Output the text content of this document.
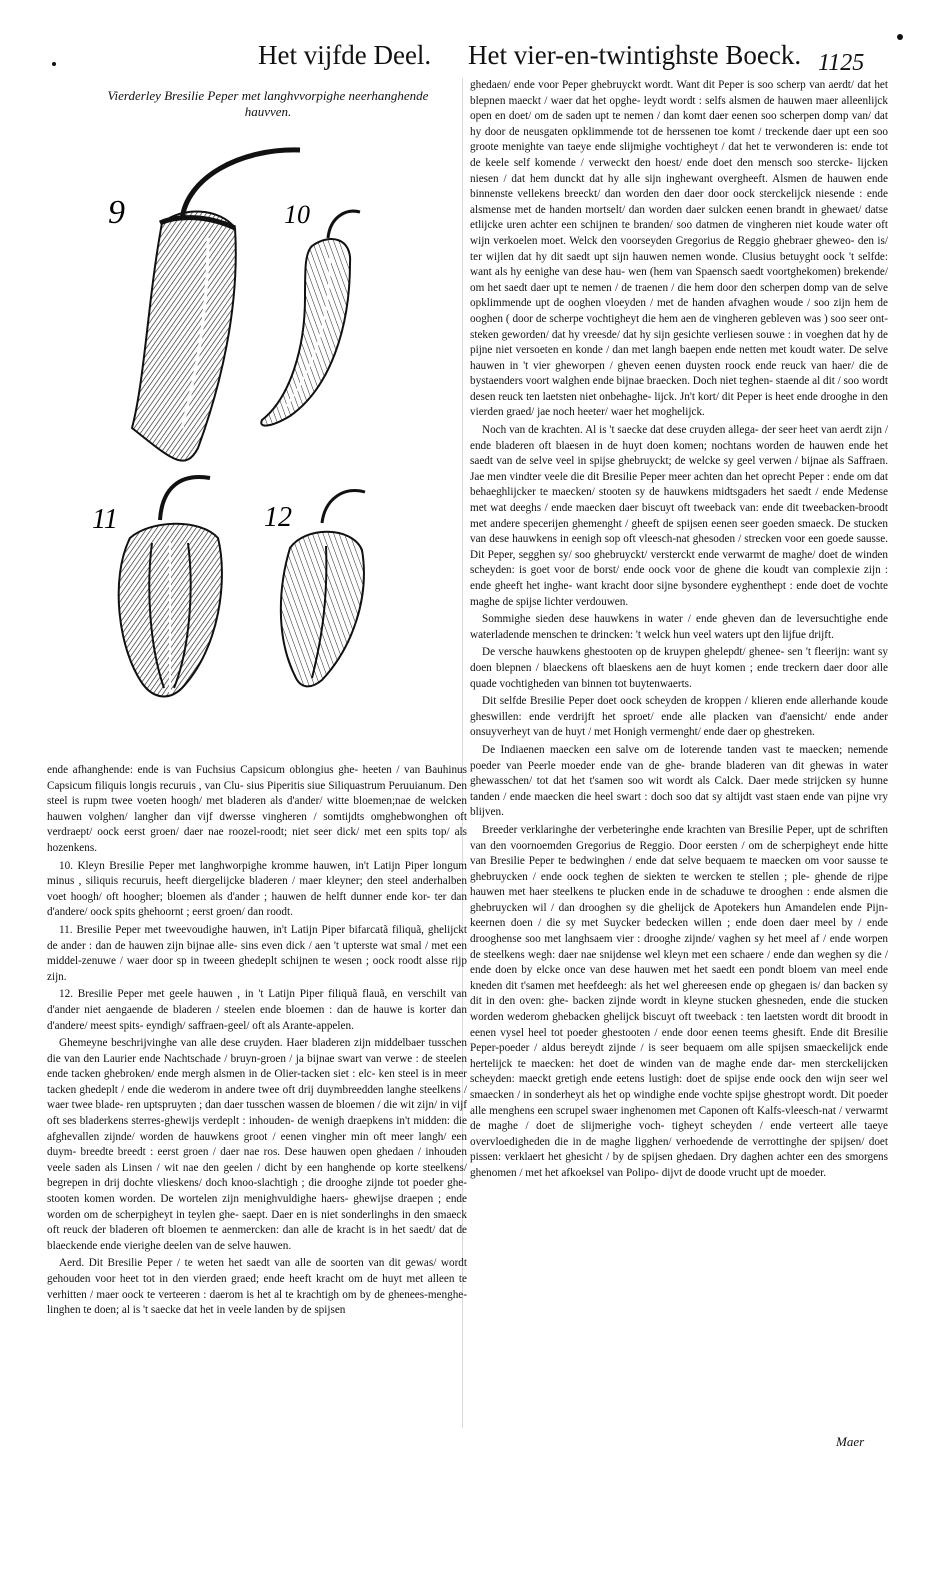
Het vijfde Deel. Het vier-en-twintighste Boeck. 1125
Vierderley Bresilie Peper met langhvvorpighe neerhanghende hauvven.
9	10
11	12

ende afhanghende: ende is van Fuchsius Capsicum oblongius ghe- heeten / van Bauhinus Capsicum filiquis longis recuruis , van Clu- sius Piperitis siue Siliquastrum Peruuianum. Den steel is rupm twee voeten hoogh/ met bladeren als d'ander/ witte bloemen;nae de welcken hauwen volghen/ langher dan vijf dwersse vingheren / somtijdts omghebwonghen oft verdraept/ oock eerst groen/ daer nae roozel-roodt; niet seer dick/ met een spits top/ als hozenkens.

10. Kleyn Bresilie Peper met langhworpighe kromme hauwen, in't Latijn Piper longum minus , siliquis recuruis, heeft diergelijcke bladeren / maer kleyner; den steel anderhalben voet hoogh/ oft hoogher; bloemen als d'ander ; hauwen de helft dunner ende kor- ter dan d'andere/ oock spits ghehoornt ; eerst groen/ dan roodt.

11. Bresilie Peper met tweevoudighe hauwen, in't Latijn Piper bifarcatã filiquã, ghelijckt de ander : dan de hauwen zijn bijnae alle- sins even dick / aen 't upterste wat smal / met een middel-zenuwe / waer door sp in tweeen ghedeplt schijnen te wesen ; oock roodt alsse rijp zijn.

12. Bresilie Peper met geele hauwen , in 't Latijn Piper filiquã flauã, en verschilt van d'ander niet aengaende de bladeren / steelen ende bloemen : dan de hauwe is korter dan d'andere/ meest spits- eyndigh/ saffraen-geel/ oft als Arante-appelen.

Ghemeyne beschrijvinghe van alle dese cruyden. Haer bladeren zijn middelbaer tusschen die van den Laurier ende Nachtschade / bruyn-groen / ja bijnae swart van verwe : de steelen ende tacken ghebroken/ ende mergh alsmen in de Olier-tacken siet : elc- ken steel is in meer tacken ghedeplt / ende die wederom in andere twee oft drij duymbreedden langhe steelkens / waer twee blade- ren uptspruyten ; dan daer tusschen wassen de bloemen / die wit zijn/ in vijf oft ses bladerkens sterres-ghewijs verdeplt : inhouden- de wenigh draepkens in't midden: die afghevallen zijnde/ worden de hauwkens groot / eenen vingher min oft meer langh/ een duym- breedte breedt : eerst groen / daer nae ros. Dese hauwen open ghedaen / inhouden veele saden als Linsen / wit nae den geelen / dicht by een hanghende op korte steelkens/ begrepen in drij dochte vlieskens/ doch knoo-slachtigh ; die drooghe zijnde tot poeder ghe- stooten komen worden. De wortelen zijn menighvuldighe haers- ghewijse draepen ; ende worden om de scherpigheyt in teylen ghe- saept. Daer en is niet sonderlinghs in den smaeck oft reuck der bladeren oft bloemen te aenmercken: dan alle de kracht is in het saedt/ dat de blaeckende ende vierighe deelen van de selve hauwen.

Aerd. Dit Bresilie Peper / te weten het saedt van alle de soorten van dit gewas/ wordt gehouden voor heet tot in den vierden graed; ende heeft kracht om de huyt met alleen te verhitten / maer oock te verteeren : daerom is het al te krachtigh om by de ghenees-menghe- linghen te doen; al is 't saecke dat het in veele landen by de spijsen

ghedaen/ ende voor Peper ghebruyckt wordt. Want dit Peper is soo scherp van aerdt/ dat het blepnen maeckt / waer dat het opghe- leydt wordt : selfs alsmen de hauwen maer alleenlijck open en doet/ om de saden upt te nemen / dan komt daer eenen soo scherpen domp van/ dat hy door de neusgaten opklimmende tot de herssenen toe komt / treckende daer upt een soo groote menighte van taeye ende slijmighe vochtigheyt / dat het te verwonderen is: ende tot de keele self komende / verweckt den hoest/ ende doet den mensch soo stercke- lijcken niesen / dat hem dunckt dat hy alle sijn inghewant overgheeft. Alsmen de hauwen ende binnenste vellekens breeckt/ dan worden den daer door oock sterckelijck niesende : ende alsmense met de handen mortselt/ dan worden daer sulcken eenen brandt in ghewaet/ datse etlijcke uren achter een schijnen te branden/ soo datmen de vingheren niet koude water oft wijn verkoelen moet. Welck den voorseyden Gregorius de Reggio ghebraer gheweo- den is/ ter wijlen dat hy dit saedt upt sijn hauwen nemen wonde. Clusius betuyght oock 't selfde: want als hy eenighe van dese hau- wen (hem van Spaensch saedt voortghekomen) brekende/ om het saedt daer upt te nemen / de traenen / die hem door den scherpen domp van de selve opklimmende upt de ooghen vloeyden / met de handen afvaghen woude / soo zijn hem de ooghen ( door de scherpe vochtigheyt die hem aen de vingheren gebleven was ) soo seer ont- steken geworden/ dat hy vreesde/ dat hy sijn gesichte verliesen souwe : in voeghen dat hy de pijne niet versoeten en konde / dan met langh baepen ende netten met koudt water. De selve hauwen in 't vier gheworpen / gheven eenen duysten roock ende reuck van haer/ die de bystaenders voort walghen ende bijnae braecken. Doch niet teghen- staende al dit / soo wordt desen reuck ten laetsten niet onbehaghe- lijck. Jn't kort/ dit Peper is heet ende drooghe in den vierden graed/ jae noch heeter/ waer het moghelijck.

Noch van de krachten. Al is 't saecke dat dese cruyden allega- der seer heet van aerdt zijn / ende bladeren oft blaesen in de huyt doen komen; nochtans worden de hauwen ende het saedt van de selve veel in spijse ghebruyckt; de welcke sy geel verwen / bijnae als Saffraen. Jae men vindter veele die dit Bresilie Peper meer achten dan het oprecht Peper : ende om dat behaeghlijcker te maecken/ stooten sy de hauwkens midtsgaders het saedt / ende Medense met wat deeghs / ende maecken daer biscuyt oft tweeback van: ende dit tweebacken-broodt met andere specerijen ghemenght / gheeft de spijsen eenen seer goeden smaeck. De stucken van dese hauwkens in eenigh sop oft vleesch-nat ghesoden / strecken voor een goede sausse. Dit Peper, segghen sy/ soo ghebruyckt/ versterckt ende verwarmt de maghe/ doet de winden scheyden: is goet voor de borst/ ende oock voor de ghene die koudt van complexie zijn : ende gheeft het inghe- want kracht door sijne bysondere eyghenthept : ende doet de vochte maghe de spijse lichter verdouwen.

Sommighe sieden dese hauwkens in water / ende gheven dan de leversuchtighe ende waterladende menschen te drincken: 't welck hun veel waters upt den lijfue drijft.

De versche hauwkens ghestooten op de kruypen ghelepdt/ ghenee- sen 't fleerijn: want sy doen blepnen / blaeckens oft blaeskens aen de huyt komen ; ende treckern daer door alle quade vochtigheden van binnen tot buytenwaerts.

Dit selfde Bresilie Peper doet oock scheyden de kroppen / klieren ende allerhande koude gheswillen: ende verdrijft het sproet/ ende alle placken van d'aensicht/ ende ander onsuyverheyt van de huyt / met Honigh vermenght/ ende daer op ghestreken.

De Indiaenen maecken een salve om de loterende tanden vast te maecken; nemende poeder van Peerle moeder ende van de ghe- brande bladeren van dit ghewas in water ghewasschen/ tot dat het t'samen soo wit wordt als Calck. Daer mede strijcken sy hunne tanden / ende maecken die heel swart : doch soo dat sy altijdt vast staen ende van pijne vry blijven.

Breeder verklaringhe der verbeteringhe ende krachten van Bresilie Peper, upt de schriften van den voornoemden Gregorius de Reggio. Door eersten / om de scherpigheyt ende hitte van Bresilie Peper te bedwinghen / ende dat selve bequaem te maecken om voor sausse te ghebruycken / ende oock teghen de siekten te wercken te stellen ; ple- ghende de rijpe hauwen met haer steelkens te plucken ende in de schaduwe te drooghen : ende alsmen die ghebruycken wil / dan drooghen sy die ghelijck de Apotekers hun Amandelen ende Pijn- keernen doen / die sy met Suycker bedecken willen ; ende doen daer meel by / ende drooghense soo met langhsaem vier : drooghe zijnde/ vaghen sy het meel af / ende worpen de steelkens wegh: daer nae snijdense wel kleyn met een schaere / ende dan weghen sy die / ende doen by elcke once van dese hauwen met het saedt een pondt bloem van meel ende kneden dit t'samen met heefdeegh: als het wel ghereesen ende op ghegaen is/ dan backen sy dit in den oven: ghe- backen zijnde wordt in kleyne stucken ghesneden, ende die stucken worden wederom ghebacken ghelijck biscuyt oft tweeback : ten laetsten wordt dit broodt in eenen vysel heel tot poeder ghestooten / ende door eenen teems ghesift. Ende dit Bresilie Peper-poeder / aldus bereydt zijnde / is seer bequaem om alle spijsen smaeckelijck ende hertelijck te maecken: het doet de winden van de maghe ende dar- men sterckelijcken scheyden: maeckt gretigh ende eetens lustigh: doet de spijse ende oock den wijn seer wel smaecken / in sonderheyt als het op windighe ende vochte spijse ghestropt wordt. Dit poeder alle menghens een scrupel swaer inghenomen met Caponen oft Kalfs-vleesch-nat / verwarmt de maghe / doet de slijmerighe voch- tigheyt scheyden / ende verteert alle taeye overvloedigheden die in de maghe ligghen/ verhoedende de verrottinghe der spijsen/ doet pissen: verklaert het ghesicht / by de spijsen ghedaen. Dry daghen achter een des smorgens ghenomen / met het afkoeksel van Polipo- dijvt de doode vrucht upt de moeder.

Maer
